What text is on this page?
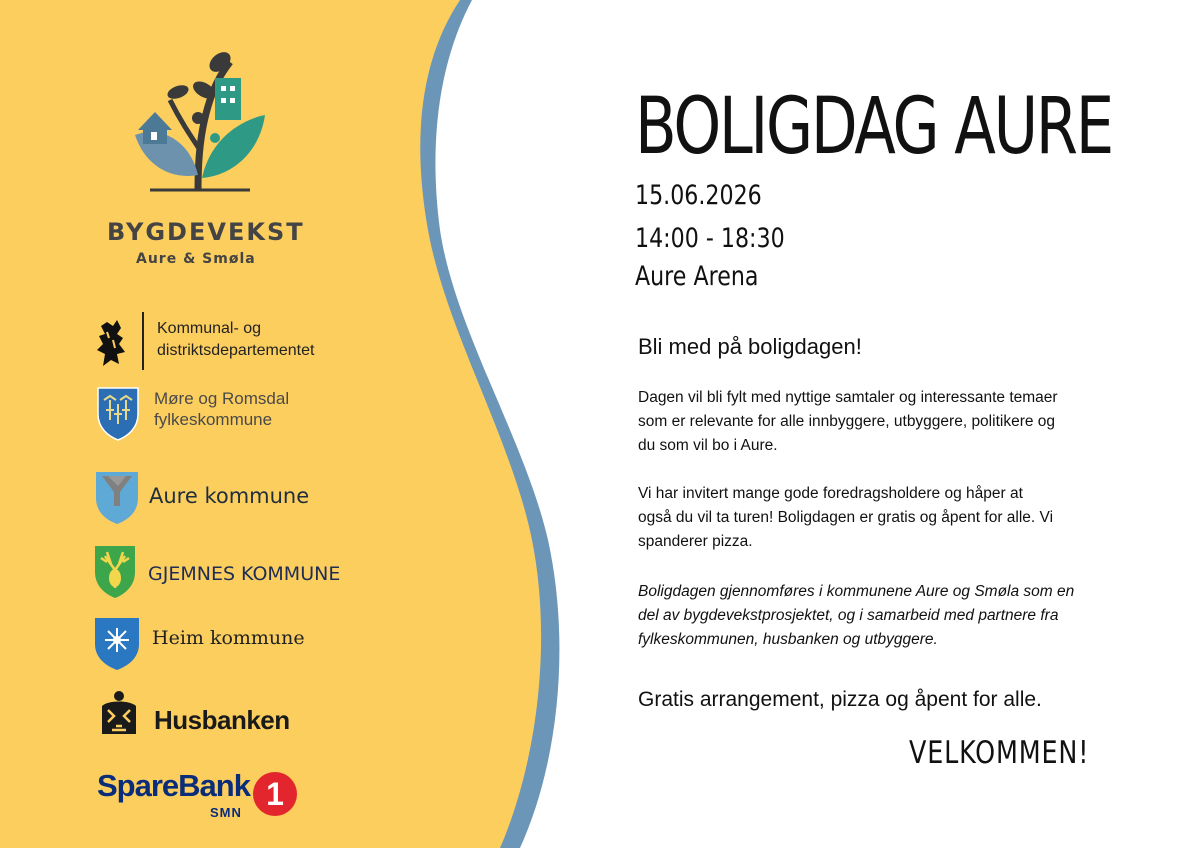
BYGDEVEKST
Aure & Smøla
Kommunal- og
distriktsdepartementet
Møre og Romsdal
fylkeskommune
Aure kommune
GJEMNES KOMMUNE
Heim kommune
Husbanken
SpareBank
SMN
1
BOLIGDAG AURE
15.06.2026
14:00 - 18:30
Aure Arena
Bli med på boligdagen!

Dagen vil bli fylt med nyttige samtaler og interessante temaer som er relevante for alle innbyggere, utbyggere, politikere og du som vil bo i Aure.

Vi har invitert mange gode foredragsholdere og håper at også du vil ta turen! Boligdagen er gratis og åpent for alle. Vi spanderer pizza.

Boligdagen gjennomføres i kommunene Aure og Smøla som en del av bygdevekstprosjektet, og i samarbeid med partnere fra fylkeskommunen, husbanken og utbyggere.

Gratis arrangement, pizza og åpent for alle.
VELKOMMEN!
